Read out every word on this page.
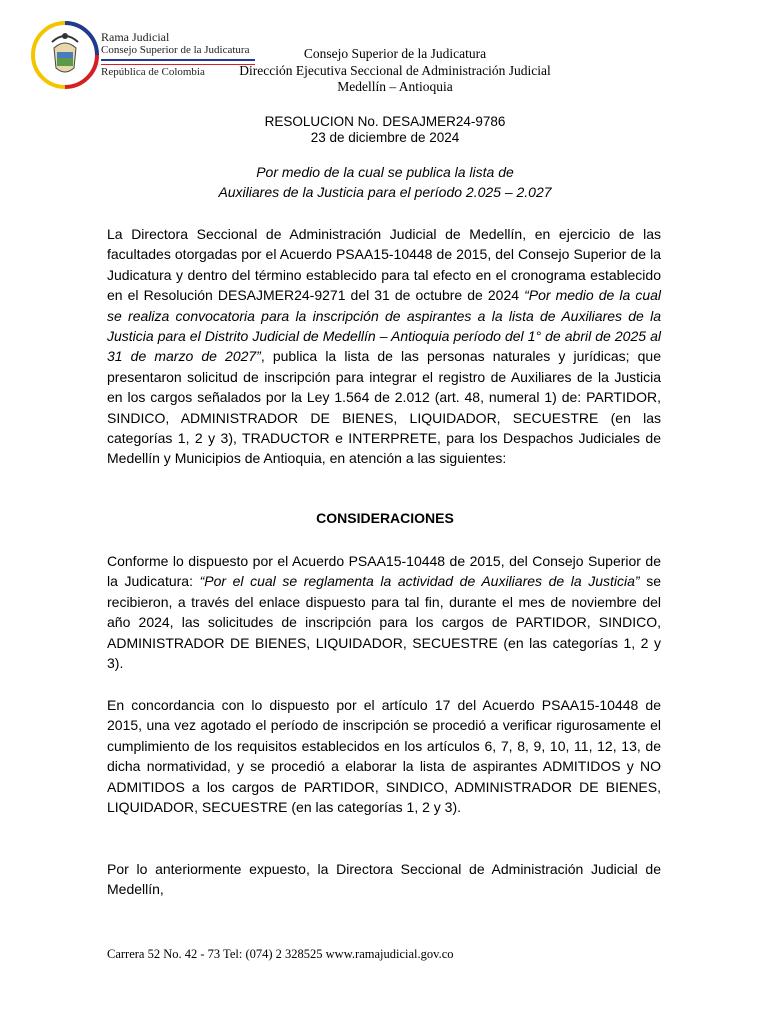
Rama Judicial
Consejo Superior de la Judicatura
República de Colombia
Consejo Superior de la Judicatura
Dirección Ejecutiva Seccional de Administración Judicial
Medellín – Antioquia
RESOLUCION No. DESAJMER24-9786
23 de diciembre de 2024
Por medio de la cual se publica la lista de
Auxiliares de la Justicia para el período 2.025 – 2.027

La Directora Seccional de Administración Judicial de Medellín, en ejercicio de las facultades otorgadas por el Acuerdo PSAA15-10448 de 2015, del Consejo Superior de la Judicatura y dentro del término establecido para tal efecto en el cronograma establecido en el Resolución DESAJMER24-9271 del 31 de octubre de 2024 “Por medio de la cual se realiza convocatoria para la inscripción de aspirantes a la lista de Auxiliares de la Justicia para el Distrito Judicial de Medellín – Antioquia período del 1° de abril de 2025 al 31 de marzo de 2027”, publica la lista de las personas naturales y jurídicas; que presentaron solicitud de inscripción para integrar el registro de Auxiliares de la Justicia en los cargos señalados por la Ley 1.564 de 2.012 (art. 48, numeral 1) de: PARTIDOR, SINDICO, ADMINISTRADOR DE BIENES, LIQUIDADOR, SECUESTRE (en las categorías 1, 2 y 3), TRADUCTOR e INTERPRETE, para los Despachos Judiciales de Medellín y Municipios de Antioquia, en atención a las siguientes:

CONSIDERACIONES

Conforme lo dispuesto por el Acuerdo PSAA15-10448 de 2015, del Consejo Superior de la Judicatura: “Por el cual se reglamenta la actividad de Auxiliares de la Justicia” se recibieron, a través del enlace dispuesto para tal fin, durante el mes de noviembre del año 2024, las solicitudes de inscripción para los cargos de PARTIDOR, SINDICO, ADMINISTRADOR DE BIENES, LIQUIDADOR, SECUESTRE (en las categorías 1, 2 y 3).

En concordancia con lo dispuesto por el artículo 17 del Acuerdo PSAA15-10448 de 2015, una vez agotado el período de inscripción se procedió a verificar rigurosamente el cumplimiento de los requisitos establecidos en los artículos 6, 7, 8, 9, 10, 11, 12, 13, de dicha normatividad, y se procedió a elaborar la lista de aspirantes ADMITIDOS y NO ADMITIDOS a los cargos de PARTIDOR, SINDICO, ADMINISTRADOR DE BIENES, LIQUIDADOR, SECUESTRE (en las categorías 1, 2 y 3).

Por lo anteriormente expuesto, la Directora Seccional de Administración Judicial de Medellín,

Carrera 52 No. 42 - 73 Tel: (074) 2 328525 www.ramajudicial.gov.co
